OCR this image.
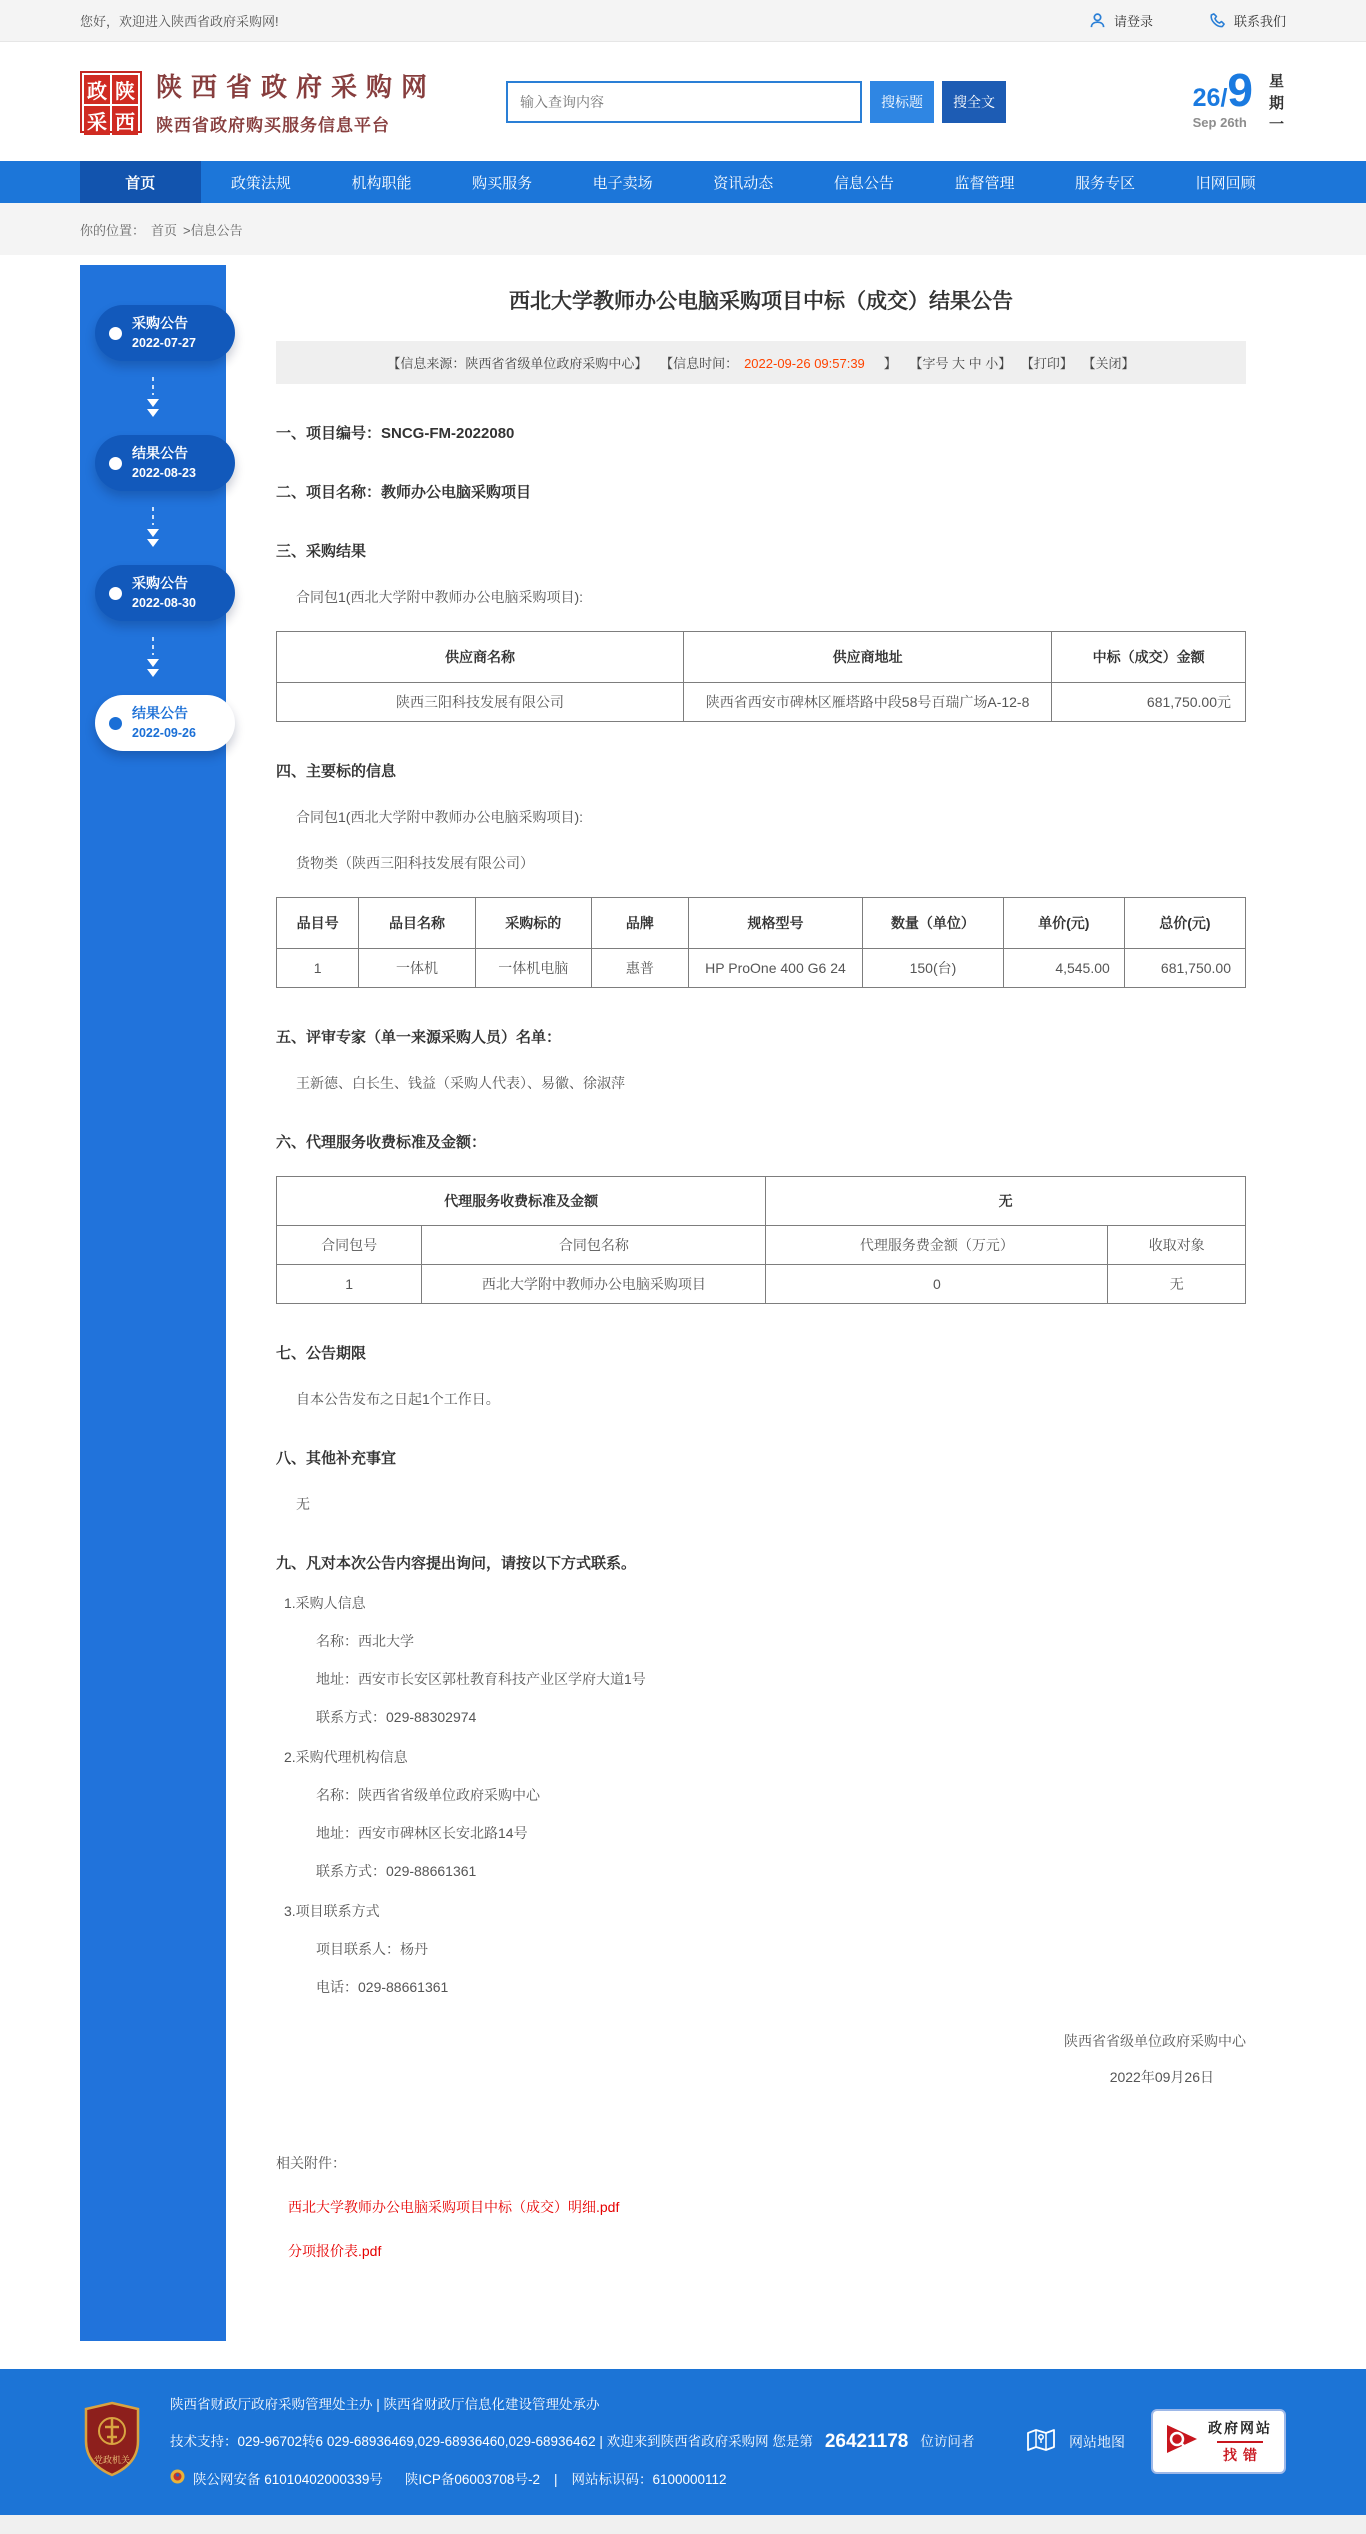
您好，欢迎进入陕西省政府采购网!	请登录	联系我们
政 陕
采 西
陕西省政府采购网
陕西省政府购买服务信息平台
输入查询内容
搜标题	搜全文	26/9
Sep 26th
星期一
首页	政策法规	机构职能	购买服务	电子卖场	资讯动态	信息公告	监督管理	服务专区	旧网回顾
你的位置： 首页 >信息公告
采购公告
2022-07-27
结果公告
2022-08-23
采购公告
2022-08-30
结果公告
2022-09-26
西北大学教师办公电脑采购项目中标（成交）结果公告
【信息来源：陕西省省级单位政府采购中心】 【信息时间： 2022-09-26 09:57:39　】 【字号 大 中 小】 【打印】 【关闭】
一、项目编号：SNCG-FM-2022080
二、项目名称：教师办公电脑采购项目
三、采购结果
合同包1(西北大学附中教师办公电脑采购项目):
供应商名称	供应商地址	中标（成交）金额
陕西三阳科技发展有限公司	陕西省西安市碑林区雁塔路中段58号百瑞广场A-12-8	681,750.00元
四、主要标的信息
合同包1(西北大学附中教师办公电脑采购项目):
货物类（陕西三阳科技发展有限公司）
品目号	品目名称	采购标的	品牌	规格型号	数量（单位）	单价(元)	总价(元)
1	一体机	一体机电脑	惠普	HP ProOne 400 G6 24	150(台)	4,545.00	681,750.00
五、评审专家（单一来源采购人员）名单：
王新德、白长生、钱益（采购人代表）、易徽、徐淑萍
六、代理服务收费标准及金额：
代理服务收费标准及金额		无	
合同包号	合同包名称	代理服务费金额（万元）	收取对象
1	西北大学附中教师办公电脑采购项目	0	无
七、公告期限
自本公告发布之日起1个工作日。
八、其他补充事宜
无
九、凡对本次公告内容提出询问，请按以下方式联系。
1.采购人信息
名称：西北大学
地址：西安市长安区郭杜教育科技产业区学府大道1号
联系方式：029-88302974
2.采购代理机构信息
名称：陕西省省级单位政府采购中心
地址：西安市碑林区长安北路14号
联系方式：029-88661361
3.项目联系方式
项目联系人：杨丹
电话：029-88661361
陕西省省级单位政府采购中心
2022年09月26日
相关附件：
西北大学教师办公电脑采购项目中标（成交）明细.pdf
分项报价表.pdf
党政机关
陕西省财政厅政府采购管理处主办 | 陕西省财政厅信息化建设管理处承办
技术支持：029-96702转6 029-68936469,029-68936460,029-68936462 | 欢迎来到陕西省政府采购网 您是第 26421178 位访问者
陕公网安备 61010402000339号 陕ICP备06003708号-2 | 网站标识码：6100000112
网站地图
政府网站
找错
